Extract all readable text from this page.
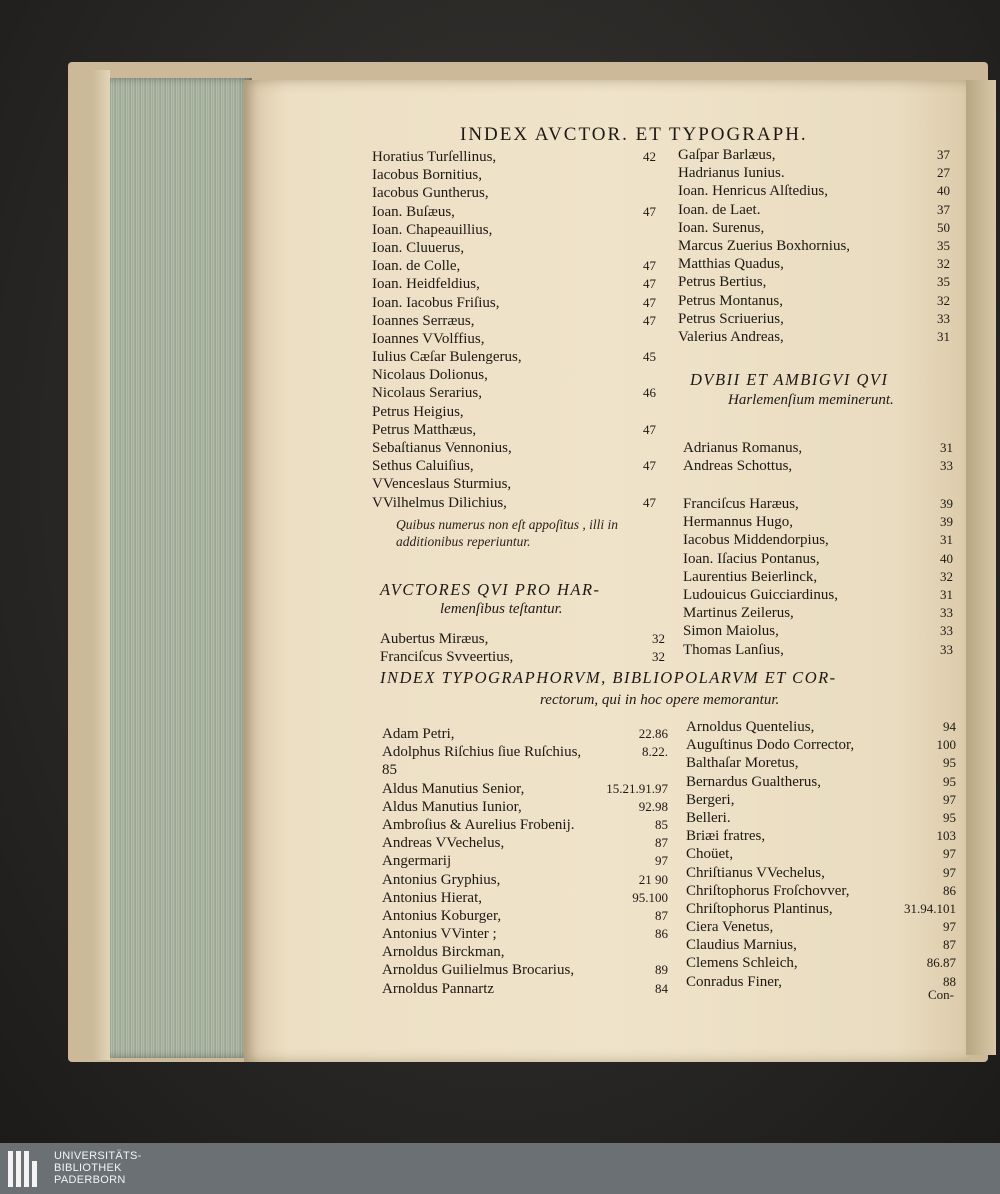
INDEX AVCTOR. ET TYPOGRAPH.
Horatius Turſellinus,	42
Iacobus Bornitius,
Iacobus Guntherus,
Ioan. Buſæus,	47
Ioan. Chapeauillius,
Ioan. Cluuerus,
Ioan. de Colle,	47
Ioan. Heidfeldius,	47
Ioan. Iacobus Friſius,	47
Ioannes Serræus,	47
Ioannes VVolffius,
Iulius Cæſar Bulengerus,	45
Nicolaus Dolionus,
Nicolaus Serarius,	46
Petrus Heigius,
Petrus Matthæus,	47
Sebaſtianus Vennonius,
Sethus Caluiſius,	47
VVenceslaus Sturmius,
VVilhelmus Dilichius,	47
Quibus numerus non eſt appoſitus , illi in additionibus reperiuntur.
AVCTORES QVI PRO HAR-
lemenſibus teſtantur.
Aubertus Miræus,	32
Franciſcus Svveertius,	32
Gaſpar Barlæus,	37
Hadrianus Iunius.	27
Ioan. Henricus Alſtedius,	40
Ioan. de Laet.	37
Ioan. Surenus,	50
Marcus Zuerius Boxhornius,	35
Matthias Quadus,	32
Petrus Bertius,	35
Petrus Montanus,	32
Petrus Scriuerius,	33
Valerius Andreas,	31
DVBII ET AMBIGVI QVI
Harlemenſium meminerunt.
Adrianus Romanus,	31
Andreas Schottus,	33
Franciſcus Haræus,	39
Hermannus Hugo,	39
Iacobus Middendorpius,	31
Ioan. Iſacius Pontanus,	40
Laurentius Beierlinck,	32
Ludouicus Guicciardinus,	31
Martinus Zeilerus,	33
Simon Maiolus,	33
Thomas Lanſius,	33
INDEX TYPOGRAPHORVM, BIBLIOPOLARVM ET COR-
rectorum, qui in hoc opere memorantur.
Adam Petri,	22.86
Adolphus Riſchius ſiue Ruſchius,	8.22.
85
Aldus Manutius Senior,	15.21.91.97
Aldus Manutius Iunior,	92.98
Ambroſius & Aurelius Frobenij.	85
Andreas VVechelus,	87
Angermarij	97
Antonius Gryphius,	21 90
Antonius Hierat,	95.100
Antonius Koburger,	87
Antonius VVinter ;	86
Arnoldus Birckman,
Arnoldus Guilielmus Brocarius,	89
Arnoldus Pannartz	84
Arnoldus Quentelius,	94
Auguſtinus Dodo Corrector,	100
Balthaſar Moretus,	95
Bernardus Gualtherus,	95
Bergeri,	97
Belleri.	95
Briæi fratres,	103
Choüet,	97
Chriſtianus VVechelus,	97
Chriſtophorus Froſchovver,	86
Chriſtophorus Plantinus,	31.94.101
Ciera Venetus,	97
Claudius Marnius,	87
Clemens Schleich,	86.87
Conradus Finer,	88
Con-
UNIVERSITÄTS-
BIBLIOTHEK
PADERBORN
